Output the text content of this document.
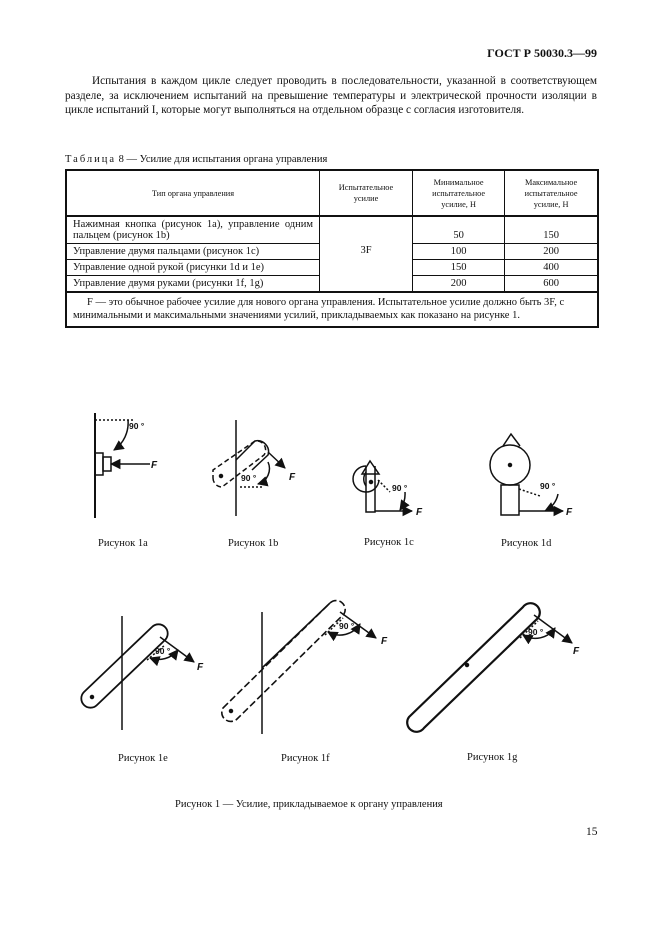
ГОСТ Р 50030.3—99
Испытания в каждом цикле следует проводить в последовательности, указанной в соответствующем разделе, за исключением испытаний на превышение температуры и электрической прочности изоляции в цикле испытаний I, которые могут выполняться на отдельном образце с согласия изготовителя.
Таблица 8 — Усилие для испытания органа управления
Тип органа управления	Испытательное усилие	Минимальное испытательное усилие, Н	Максимальное испытательное усилие, Н
Нажимная кнопка (рисунок 1а), управление одним пальцем (рисунок 1b)	3F	50	150
Управление двумя пальцами (рисунок 1с)		100	200
Управление одной рукой (рисунки 1d и 1е)		150	400
Управление двумя руками (рисунки 1f, 1g)		200	600
F — это обычное рабочее усилие для нового органа управления. Испытательное усилие должно быть 3F, с минимальными и максимальными значениями усилий, прикладываемых как показано на рисунке 1.			
90 °
90 °
90 °	90 °
90 °
90 °
90 °
F
F
F	F
F
F
F
Рисунок 1а	Рисунок 1b	Рисунок 1с	Рисунок 1d
Рисунок 1е	Рисунок 1f	Рисунок 1g
Рисунок 1 — Усилие, прикладываемое к органу управления
15
